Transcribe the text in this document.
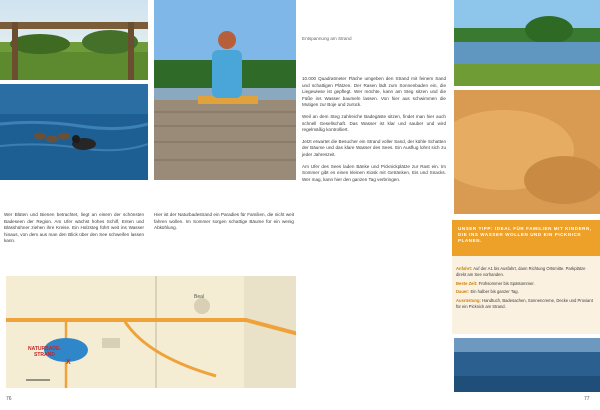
Entspannung am Strand

Wer Blüten und Bienen betrachtet, liegt an einem der schönsten Badeseen der Region. Am Ufer wächst hohes Schilf, Enten und Blässhühner ziehen ihre Kreise. Ein Holzsteg führt weit ins Wasser hinaus, von dem aus man den Blick über den See schweifen lassen kann.

Hier ist der Naturbadestrand ein Paradies für Familien, die nicht weit fahren wollen. Im Sommer sorgen schattige Bäume für ein wenig Abkühlung.

NATURBADE-
STRAND
X
Beal

10.000 Quadratmeter Fläche umgeben den Strand mit feinem Sand und schattigen Plätzen. Der Rasen lädt zum Sonnenbaden ein, die Liegewiese ist gepflegt. Wer möchte, kann am Steg sitzen und die Füße ins Wasser baumeln lassen. Von hier aus schwimmen die Mutigen zur Boje und zurück.

Weil an dem Steg zahlreiche Badegäste sitzen, findet man hier auch schnell Gesellschaft. Das Wasser ist klar und sauber und wird regelmäßig kontrolliert.

Jetzt erwartet die Besucher ein Strand voller Sand, der kühle Schatten der Bäume und das klare Wasser des Sees. Ein Ausflug lohnt sich zu jeder Jahreszeit.

Am Ufer des Sees laden Bänke und Picknickplätze zur Rast ein. Im Sommer gibt es einen kleinen Kiosk mit Getränken, Eis und Snacks. Wer mag, kann hier den ganzen Tag verbringen.

UNSER TIPP: IDEAL FÜR FAMILIEN MIT KINDERN, DIE INS WASSER WOLLEN UND EIN PICKNICK PLANEN.

Anfahrt: Auf der A1 bis Ausfahrt, dann Richtung Ortsmitte. Parkplätze direkt am See vorhanden.

Beste Zeit: Frühsommer bis Spätsommer.

Dauer: Ein halber bis ganzer Tag.

Ausrüstung: Handtuch, Badesachen, Sonnencreme, Decke und Proviant für ein Picknick am Strand.

76	77
